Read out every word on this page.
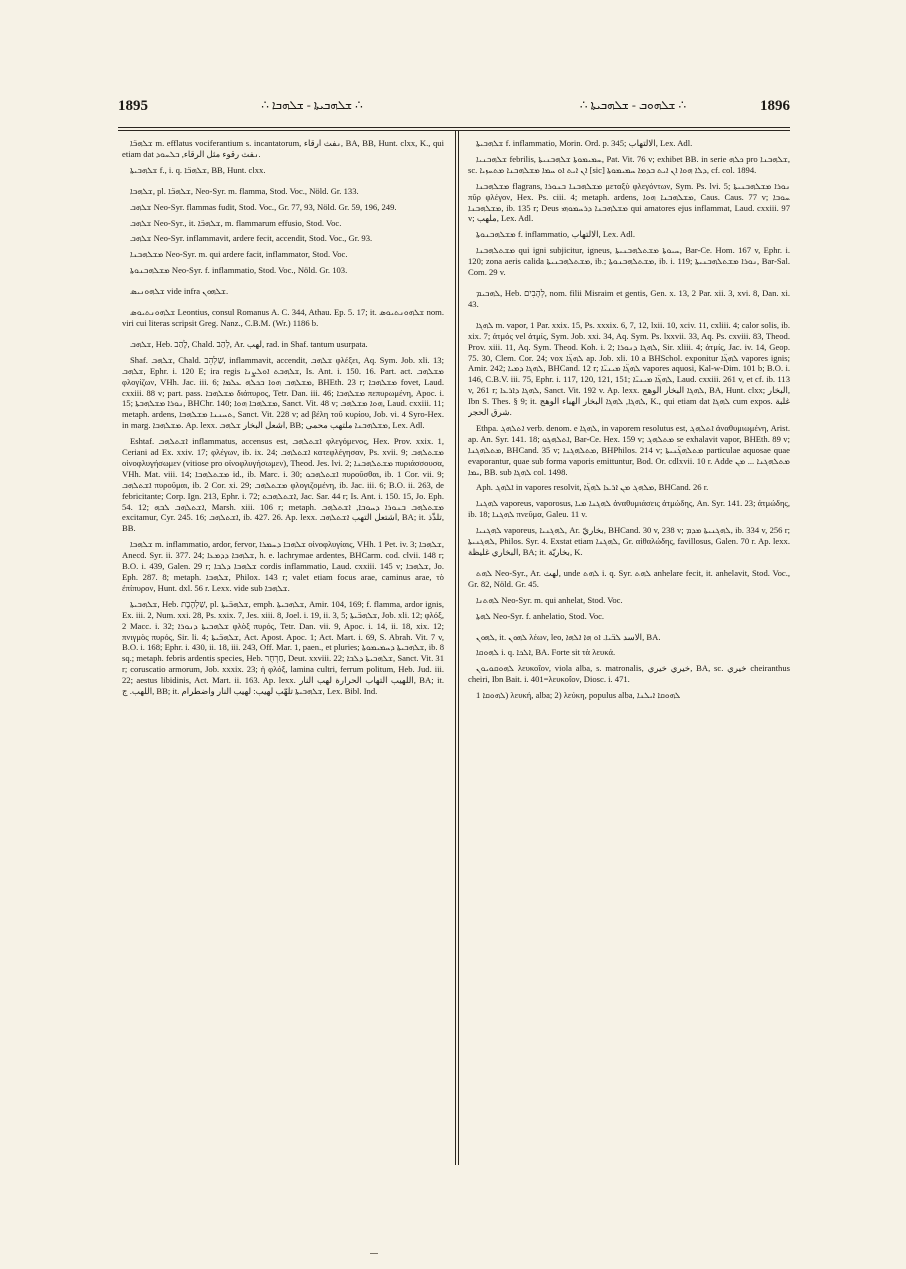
1895	∴ ܫܠܗܒܝܬܐ - ܫܠܗܒܐ ∴	∴ ܫܠܗܘܒ - ܫܠܗܒܝܬܐ ∴	1896

ܫܠܗܒ̈ܐ m. efflatus vociferantium s. incantatorum, ܢفث ارقاء, BA, BB, Hunt. clxx, K., qui etiam dat ܢفث رقوء مثل الرقاء, ܒܠܚܘܕ.

ܫܠܗܒܝܬܐ f., i. q. ܫܠܗܒ̈ܐ, BB, Hunt. clxx.

ܫܠܗܒܐ, pl. ܫܠܗܒ̈ܐ, Neo-Syr. m. flamma, Stod. Voc., Nöld. Gr. 133.

ܫܠܗܒ Neo-Syr. flammas fudit, Stod. Voc., Gr. 77, 93, Nöld. Gr. 59, 196, 249.

ܫܠܗܒ Neo-Syr., it. ܫܠܗܒ̈ܐ, m. flammarum effusio, Stod. Voc.

ܫܠܗܒ Neo-Syr. inflammavit, ardere fecit, accendit, Stod. Voc., Gr. 93.

ܡܫܠܗܒܢܐ Neo-Syr. m. qui ardere facit, inflammator, Stod. Voc.

ܡܫܠܗܒܢܘܬܐ Neo-Syr. f. inflammatio, Stod. Voc., Nöld. Gr. 103.

ܫܠܗܘܢܝܣ vide infra ܫܠܗܘܢ.

ܫܠܗܘܢܬܝܘܣ Leontius, consul Romanus A. C. 344, Athau. Ep. 5. 17; it. ܫܠܗܘܢܬܝܘܣ nom. viri cui literas scripsit Greg. Nanz., C.B.M. (Wr.) 1186 b.

ܫܠܗܒ, Heb. לָהַב, Chald. לְהַב, Ar. لهب, rad. in Shaf. tantum usurpata.

Shaf. ܫܠܗܒ, Chald. שַׁלְהֵב, inflammavit, accendit, ܫܠܗܒ φλέξει, Aq. Sym. Job. xli. 13; ܫܠܗܒ, Ephr. i. 120 E; ira regis ܫܠܗܒܬ ܐܘܠܨܢܐ, Is. Ant. i. 150. 16. Part. act. ܡܫܠܗܒ φλογίζων, VHh. Jac. iii. 6; ܡܫܠܗܒ ܗܘܐ ܒܟܠܗ ܥܠܡܐ, BHEth. 23 r; ܡܫܠܗܒܐ fovet, Laud. cxxiii. 88 v; part. pass. ܡܫܠܗܒܐ διάπυρος, Tetr. Dan. iii. 46; ܡܫܠܗܒܐ πεπυρωμένη, Apoc. i. 15; ܢܘܪܐ ܡܫܠܗܒܬܐ, BHChr. 140; ܡܫܠܗܒܐ ܗܘܐ, Sanct. Vit. 48 v; ܗܘܐ ܡܫܠܗܒ, Laud. cxxiii. 11; metaph. ardens, ܬܚܢܢܐ ܡܫܠܗܒܐ, Sanct. Vit. 228 v; ad βέλη τοῦ κυρίου, Job. vi. 4 Syro-Hex. in marg. ܡܫܠܗܒܐ. Ap. lexx. اشعل البخار ܫܠܗܒ, BB; ܡܫܠܗܒܢܐ ملتهب محمى, Lex. Adl.

Eshtaf. ܐܫܬܠܗܒ inflammatus, accensus est, ܐܫܬܠܗܒ φλεγόμενος, Hex. Prov. xxix. 1, Ceriani ad Ex. xxiv. 17; φλέγων, ib. ix. 24; ܐܫܬܠܗܒ κατεφλέγησαν, Ps. xvii. 9; ܡܫܬܠܗܒ οἰνοφλυγήσωμεν (vitiose pro οἰνοφλυγήσωμεν), Theod. Jes. lvi. 2; ܡܫܬܠܗܒܢܐ πυριάσσουσα, VHh. Mat. viii. 14; ܡܫܬܠܗܒܐ id., ib. Marc. i. 30; ܐܫܬܠܗܒܘ πυροῦσθαι, ib. 1 Cor. vii. 9; ܐܫܬܠܗܒ πυροῦμαι, ib. 2 Cor. xi. 29; ܡܫܬܠܗܒ φλογιζομένη, ib. Jac. iii. 6; B.O. ii. 263, de febricitante; Corp. Ign. 213, Ephr. i. 72; ܐܫܬܠܗܒܬ, Jac. Sar. 44 r; Is. Ant. i. 150. 15, Jo. Eph. 54. 12; ܐܫܬܠܗܒ ܠܒܗ, Marsh. xiii. 106 r; metaph. ܡܫܬܠܗܒ ܒܢܘܪܐ ܕܚܘܒܐ, ܐܫܬܠܗܒ excitamur, Cyr. 245. 16; ܐܫܬܠܗܒ, ib. 427. 26. Ap. lexx. اشتعل التهب ܐܫܬܠܗܒ, BA; it. تلذّذ, BB.

ܫܠܗܒܐ m. inflammatio, ardor, fervor, ܫܠܗܒܐ ܕܚܡܪܐ οἰνοφλυγίαις, VHh. 1 Pet. iv. 3; ܫܠܗܒܐ, Anecd. Syr. ii. 377. 24; ܫܠܗܒܐ ܕܕܡܥܐ, h. e. lachrymae ardentes, BHCarm. cod. clvii. 148 r; B.O. i. 439, Galen. 29 r; ܫܠܗܒܐ ܕܠܒܐ cordis inflammatio, Laud. cxxiii. 145 v; ܫܠܗܒܐ, Jo. Eph. 287. 8; metaph. ܫܠܗܒܐ, Philox. 143 r; valet etiam focus arae, caminus arae, τὸ ἐπίπυρον, Hunt. dxl. 56 r. Lexx. vide sub ܫܠܗܒܐ.

ܫܠܗܒܝܬܐ, Heb. שַׁלְהֶבֶת, pl. ܫܠܗܒ̈ܝܬܐ, emph. ܫܠܗܒܝܬܐ, Amir. 104, 169; f. flamma, ardor ignis, Ex. iii. 2, Num. xxi. 28, Ps. xxix. 7, Jes. xiii. 8, Joel. i. 19, ii. 3, 5; ܫܠܗܒ̈ܝܬܐ, Job. xli. 12; φλόξ, 2 Macc. i. 32; ܫܠܗܒܝܬܐ ܕܢܘܪܐ φλὸξ πυρός, Tetr. Dan. vii. 9, Apoc. i. 14, ii. 18, xix. 12; πνιγμὸς πυρός, Sir. li. 4; ܫܠܗܒ̈ܝܬܐ, Act. Apost. Apoc. 1; Act. Mart. i. 69, S. Abrah. Vit. 7 v, B.O. i. 168; Ephr. i. 430, ii. 18, iii. 243, Off. Mar. 1, paen., et pluries; ܫܠܗܒܝܬܐ ܕܚܡܝܡܘܬܐ, ib. 8 sq.; metaph. febris ardentis species, Heb. חַרְחֻר, Deut. xxviii. 22; ܫܠܗܒܝܬܐ ܕܠܒܐ, Sanct. Vit. 31 r; coruscatio armorum, Job. xxxix. 23; ἡ φλόξ, lamina cultri, ferrum politum, Heb. Jud. iii. 22; aestus libidinis, Act. Mart. ii. 163. Ap. lexx. اللهيب التهاب الحرارة لهب النار, BA; it. اللهب. ج, BB; it. ܫܠܗܒܝܬܐ تلهّب لهيب: لهيب النار واضطرام, Lex. Bibl. Ind.

ܫܠܗܒܝܬܐ f. inflammatio, Morin. Ord. p. 345; الالتهاب, Lex. Adl.

ܫܠܗܒܢܝܐ febrilis, ܚܡܝܡܘܬܐ ܫܠܗܒܢܝܬܐ, Pat. Vit. 76 v; exhibet BB. in serie ܟܠܗ pro ܫܠܗܒܢܐ, sc. ܐܢ ܐܝܬ ܐܘ ܚܡܐ ܡܫܠܗܒܢܐ ܡܬܚܙܝܐ [sic] ܕܠܐ ܗܘܐ ܐܢ ܐܝܬ ܒܕܡܐ ܚܡܝܡܘܬܐ, cf. col. 1894.

ܡܫܠܗܒܢܐ flagrans, ܡܫܠܗܒܢܐ ܒܢܘܪܐ μεταξὺ φλεγόντων, Sym. Ps. lvi. 5; ܢܘܪܐ ܡܫܠܗܒܢܝܬܐ πῦρ φλέγον, Hex. Ps. ciii. 4; metaph. ardens, ܡܫܠܗܒܢܐ ܗܘܐ, Caus. Caus. 77 v; ܚܘܒܐ ܡܫܠܗܒܢܐ, ib. 135 r; Deus ܡܫܠܗܒܢܐ ܕܪܚܡܘܗܝ qui amatores ejus inflammat, Laud. cxxiii. 97 v; ملهب, Lex. Adl.

ܡܫܠܗܒܢܘܬܐ f. inflammatio, الالتهاب, Lex. Adl.

ܡܫܬܠܗܒܢܐ qui igni subjicitur, igneus, ܚܝܘܬܐ ܡܫܬܠܗܒܢܝܬܐ, Bar-Ce. Hom. 167 v, Ephr. i. 120; zona aeris calida ܡܫܬܠܗܒܢܝܬܐ, ib.; ܡܫܬܠܗܒܢܘܬܐ, ib. i. 119; ܢܘܪܐ ܡܫܬܠܗܒܢܝܬܐ, Bar-Sal. Com. 29 v.

ܠܗܒܝܡ, Heb. לְהָבִים, nom. filii Misraim et gentis, Gen. x. 13, 2 Par. xii. 3, xvi. 8, Dan. xi. 43.

ܠܗܓܐ m. vapor, 1 Par. xxix. 15, Ps. xxxix. 6, 7, 12, lxii. 10, xciv. 11, cxliii. 4; calor solis, ib. xix. 7; ἀτμός vel ἀτμίς, Sym. Job. xxi. 34, Aq. Sym. Ps. lxxvii. 33, Aq. Ps. cxviii. 83, Theod. Prov. xiii. 11, Aq. Sym. Theod. Koh. i. 2; ܠܗܓܐ ܕܢܘܪܐ, Sir. xliii. 4; ἀτμίς, Jac. iv. 14, Geop. 75. 30, Clem. Cor. 24; vox ܠܗܓ̈ܐ ap. Job. xli. 10 a BHSchol. exponitur ܠܗܓ̈ܐ vapores ignis; Amir. 242; ܠܗܓܐ ܕܡܝܐ, BHCand. 12 r; ܠܗܓ̈ܐ ܡܝܢܝ̈ܐ vapores aquosi, Kal-w-Dim. 101 b; B.O. i. 146, C.B.V. iii. 75, Ephr. i. 117, 120, 121, 151; ܠܗܓ̈ܐ ܡܝܢܝ̈ܐ, Laud. cxxiii. 261 v, et cf. ib. 113 v, 261 r; ܠܗܓܐ ܕܐܪܥܐ, Sanct. Vit. 192 v. Ap. lexx. ܠܗܓܐ البخار الوهج, BA, Hunt. clxx; البخار, Ibn S. Thes. § 9; it. ܠܗܓܐ, ܠܗܓܐ البخار الهباء الوهج, K., qui etiam dat ܠܗܓܐ cum expos. غلبة شرق الحجر.

Ethpa. ܐܬܠܗܓ verb. denom. e ܠܗܓܐ, in vaporem resolutus est, ܐܬܠܗܓ ἀναθυμιωμένη, Arist. ap. An. Syr. 141. 18; ܐܬܠܗܓܘ, Bar-Ce. Hex. 159 v; ܡܬܠܗܓ se exhalavit vapor, BHEth. 89 v; ܡܬܠܗܓܢܐ, BHCand. 35 v; ܡܬܠܗܓܢܐ, BHPhilos. 214 v; ܡܬܠܗܓ̈ܢܝܬܐ particulae aquosae quae evaporantur, quae sub forma vaporis emittuntur, Bod. Or. cdlxvii. 10 r. Adde ܡܬܠܗܓܢܐ ... ܡܢ ܝܡܐ, BB. sub ܠܗܓܐ col. 1498.

Aph. ܐܠܗܓ in vapores resolvit, ܡܠܗܓ ܡܢ ܐܪܥܐ ܠܗܓ̈ܐ, BHCand. 26 r.

ܠܗܓܢܐ vaporeus, vaporosus, ܠܗܓܢܐ ܡܝܐ ἀναθυμιάσεις ἀτμώδης, An. Syr. 141. 23; ἀτμώδης, ib. 18; ܠܗܓܢܐ πνεῦμα, Galeu. 11 v.

ܠܗܓܢܝܐ vaporeus, ܠܗܓܢܝܐ, Ar. بخاريّ, BHCand. 30 v, 238 v; ܠܗܓܢܝܬܐ ܡܕܡ, ib. 334 v, 256 r; ܠܗܓܢܝܬܐ, Philos. Syr. 4. Exstat etiam ܠܗܓܢܐ, Gr. αἰθαλώδης, favillosus, Galen. 70 r. Ap. lexx. البخاري غليظة, BA; it. بخاريّة, K.

ܠܗܬ Neo-Syr., Ar. لهث, unde ܠܗܬ i. q. Syr. ܠܗܬ anhelare fecit, it. anhelavit, Stod. Voc., Gr. 82, Nöld. Gr. 45.

ܠܗܬܢܐ Neo-Syr. m. qui anhelat, Stod. Voc.

ܠܗܬܐ Neo-Syr. f. anhelatio, Stod. Voc.

ܠܗܘܢ, it. ܠܗܘܢ λέων, leo, الاسد ܠܒ̈ܝܐ. ܐܘ ܗܐ ܐܠܗܐ, BA.

ܠܗܘܩܐ i. q. ܐܠܟܐ, BA. Forte sit τὰ λευκά.

ܠܗܘܩܘܝܘܢ λευκοΐον, viola alba, s. matronalis, خيري خيري, BA, sc. خيري cheiranthus cheiri, Ibn Bait. i. 401=λευκοΐον, Diosc. i. 471.

ܠܗܘܩܐ 1) λευκή, alba; 2) λεύκη, populus alba, ܠܗܘܩܐ ܐܝܠܢܐ
